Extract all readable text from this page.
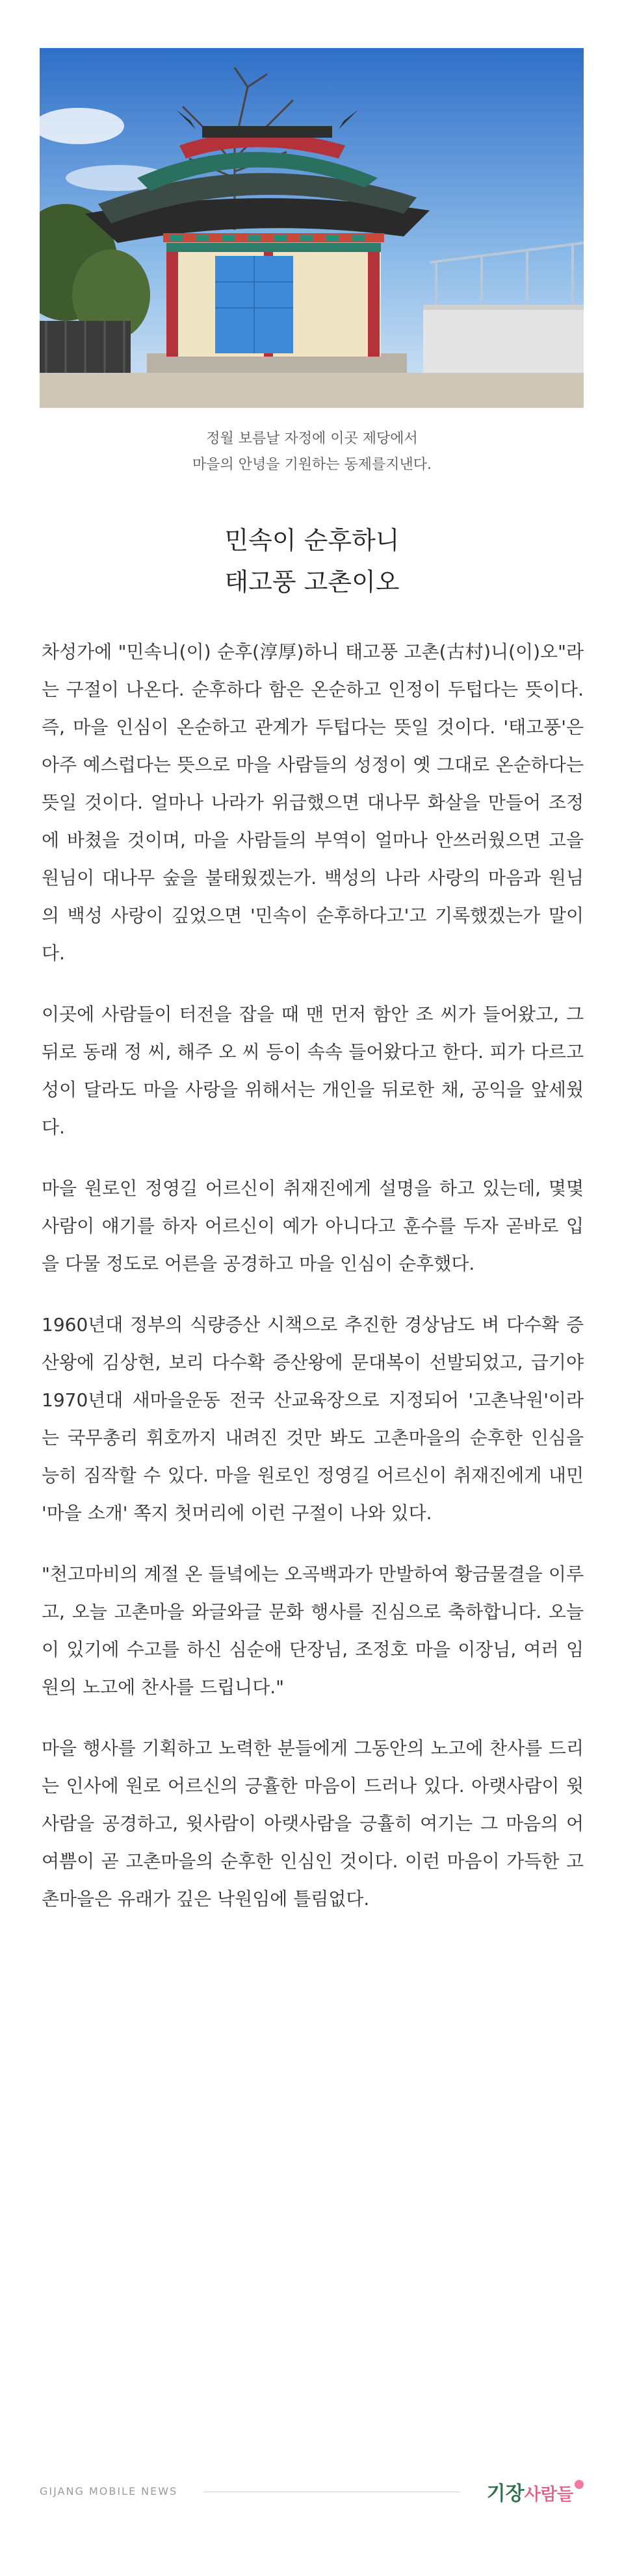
정월 보름날 자정에 이곳 제당에서
마을의 안녕을 기원하는 동제를지낸다.
민속이 순후하니
태고풍 고촌이오

차성가에 "민속니(이) 순후(淳厚)하니 태고풍 고촌(古村)니(이)오"라는 구절이 나온다. 순후하다 함은 온순하고 인정이 두텁다는 뜻이다. 즉, 마을 인심이 온순하고 관계가 두텁다는 뜻일 것이다. '태고풍'은 아주 예스럽다는 뜻으로 마을 사람들의 성정이 옛 그대로 온순하다는 뜻일 것이다. 얼마나 나라가 위급했으면 대나무 화살을 만들어 조정에 바쳤을 것이며, 마을 사람들의 부역이 얼마나 안쓰러웠으면 고을 원님이 대나무 숲을 불태웠겠는가. 백성의 나라 사랑의 마음과 원님의 백성 사랑이 깊었으면 '민속이 순후하다고'고 기록했겠는가 말이다.

이곳에 사람들이 터전을 잡을 때 맨 먼저 함안 조 씨가 들어왔고, 그 뒤로 동래 정 씨, 해주 오 씨 등이 속속 들어왔다고 한다. 피가 다르고 성이 달라도 마을 사랑을 위해서는 개인을 뒤로한 채, 공익을 앞세웠다.

마을 원로인 정영길 어르신이 취재진에게 설명을 하고 있는데, 몇몇 사람이 얘기를 하자 어르신이 예가 아니다고 훈수를 두자 곧바로 입을 다물 정도로 어른을 공경하고 마을 인심이 순후했다.

1960년대 정부의 식량증산 시책으로 추진한 경상남도 벼 다수확 증산왕에 김상현, 보리 다수확 증산왕에 문대복이 선발되었고, 급기야 1970년대 새마을운동 전국 산교육장으로 지정되어 '고촌낙원'이라는 국무총리 휘호까지 내려진 것만 봐도 고촌마을의 순후한 인심을 능히 짐작할 수 있다. 마을 원로인 정영길 어르신이 취재진에게 내민 '마을 소개' 쪽지 첫머리에 이런 구절이 나와 있다.

"천고마비의 계절 온 들녘에는 오곡백과가 만발하여 황금물결을 이루고, 오늘 고촌마을 와글와글 문화 행사를 진심으로 축하합니다. 오늘이 있기에 수고를 하신 심순애 단장님, 조정호 마을 이장님, 여러 임원의 노고에 찬사를 드립니다."

마을 행사를 기획하고 노력한 분들에게 그동안의 노고에 찬사를 드리는 인사에 원로 어르신의 긍휼한 마음이 드러나 있다. 아랫사람이 윗사람을 공경하고, 윗사람이 아랫사람을 긍휼히 여기는 그 마음의 어여쁨이 곧 고촌마을의 순후한 인심인 것이다. 이런 마음이 가득한 고촌마을은 유래가 깊은 낙원임에 틀림없다.

GIJANG MOBILE NEWS	기장사람들
